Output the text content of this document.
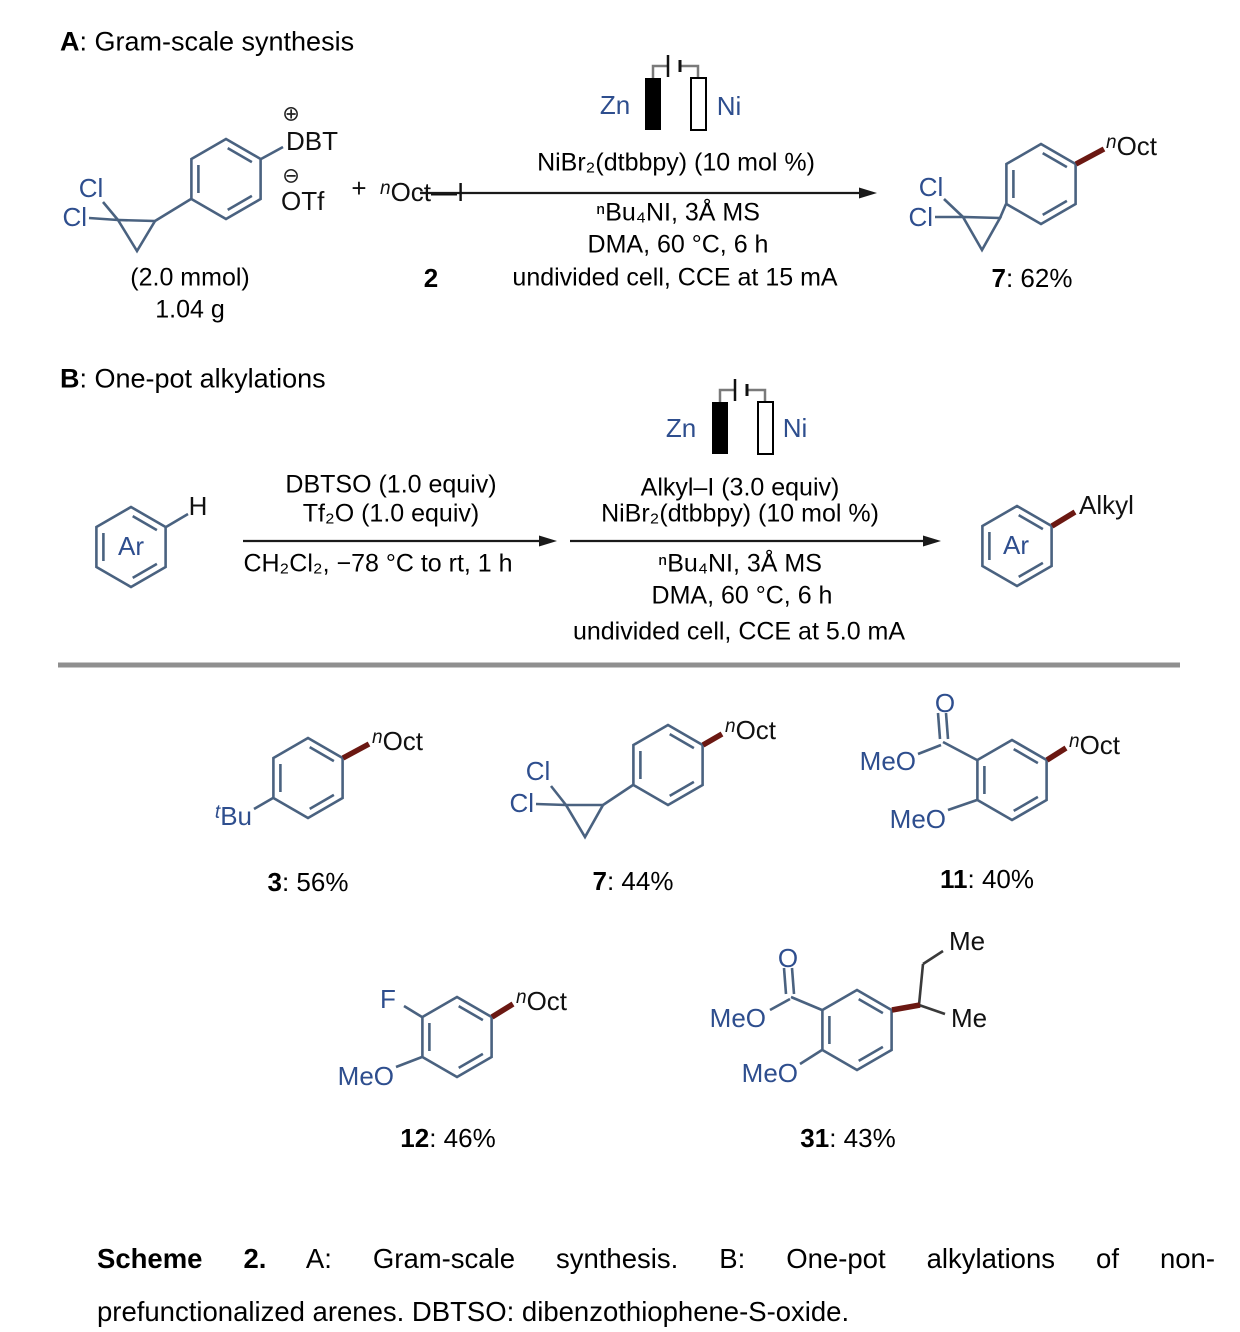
A: Gram-scale synthesis
Cl
Cl
⊕
DBT
⊖
OTf
(2.0 mmol)
1.04 g
+ $^n$Oct—I
2
Zn	Ni
NiBr₂(dtbbpy) (10 mol %)
ⁿBu₄NI, 3Å MS
DMA, 60 °C, 6 h
undivided cell, CCE at 15 mA
Cl
Cl
$^n$Oct
7: 62%
B: One-pot alkylations
Ar
H
DBTSO (1.0 equiv)
Tf₂O (1.0 equiv)
CH₂Cl₂, −78 °C to rt, 1 h
Zn	Ni
Alkyl–I (3.0 equiv)
NiBr₂(dtbbpy) (10 mol %)
ⁿBu₄NI, 3Å MS
DMA, 60 °C, 6 h
undivided cell, CCE at 5.0 mA
Ar
Alkyl
$^t$Bu
$^n$Oct
3: 56%
Cl
Cl
$^n$Oct
7: 44%
O
MeO
MeO
$^n$Oct
11: 40%
F
MeO
$^n$Oct
12: 46%
O
MeO
MeO
Me
Me
31: 43%
Scheme 2. A: Gram-scale synthesis. B: One-pot alkylations of non-
prefunctionalized arenes. DBTSO: dibenzothiophene-S-oxide.
